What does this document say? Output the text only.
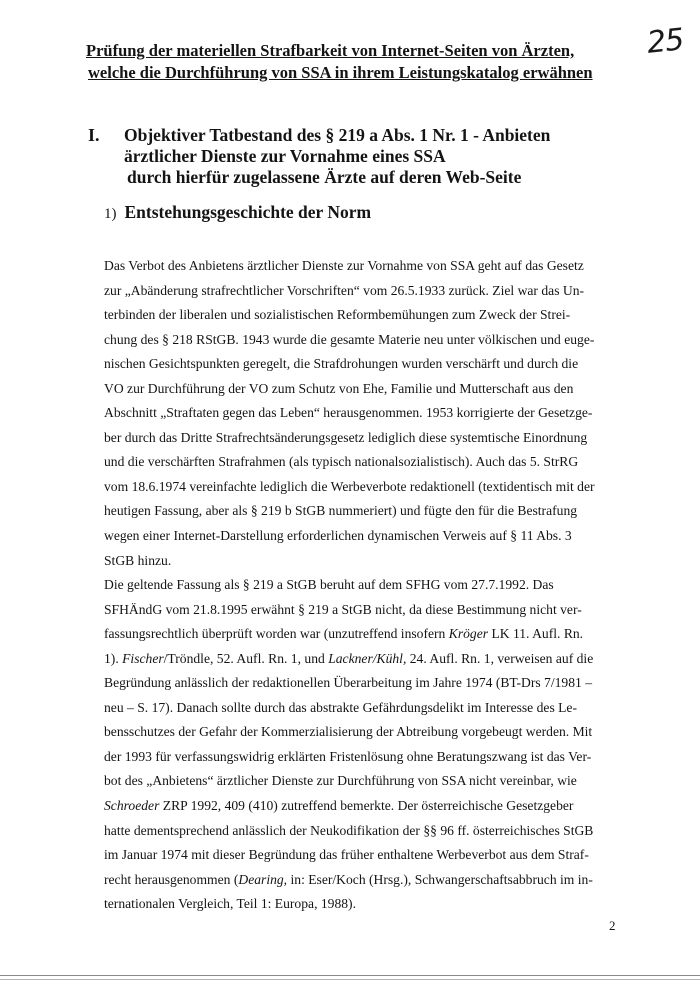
25
Prüfung der materiellen Strafbarkeit von Internet-Seiten von Ärzten,
welche die Durchführung von SSA in ihrem Leistungskatalog erwähnen
I. Objektiver Tatbestand des § 219 a Abs. 1 Nr. 1 - Anbieten
ärztlicher Dienste zur Vornahme eines SSA
durch hierfür zugelassene Ärzte auf deren Web-Seite
1) Entstehungsgeschichte der Norm
Das Verbot des Anbietens ärztlicher Dienste zur Vornahme von SSA geht auf das Gesetz
zur „Abänderung strafrechtlicher Vorschriften“ vom 26.5.1933 zurück. Ziel war das Un-
terbinden der liberalen und sozialistischen Reformbemühungen zum Zweck der Strei-
chung des § 218 RStGB. 1943 wurde die gesamte Materie neu unter völkischen und euge-
nischen Gesichtspunkten geregelt, die Strafdrohungen wurden verschärft und durch die
VO zur Durchführung der VO zum Schutz von Ehe, Familie und Mutterschaft aus den
Abschnitt „Straftaten gegen das Leben“ herausgenommen. 1953 korrigierte der Gesetzge-
ber durch das Dritte Strafrechtsänderungsgesetz lediglich diese systemtische Einordnung
und die verschärften Strafrahmen (als typisch nationalsozialistisch). Auch das 5. StrRG
vom 18.6.1974 vereinfachte lediglich die Werbeverbote redaktionell (textidentisch mit der
heutigen Fassung, aber als § 219 b StGB nummeriert) und fügte den für die Bestrafung
wegen einer Internet-Darstellung erforderlichen dynamischen Verweis auf § 11 Abs. 3
StGB hinzu.
Die geltende Fassung als § 219 a StGB beruht auf dem SFHG vom 27.7.1992. Das
SFHÄndG vom 21.8.1995 erwähnt § 219 a StGB nicht, da diese Bestimmung nicht ver-
fassungsrechtlich überprüft worden war (unzutreffend insofern Kröger LK 11. Aufl. Rn.
1). Fischer/Tröndle, 52. Aufl. Rn. 1, und Lackner/Kühl, 24. Aufl. Rn. 1, verweisen auf die
Begründung anlässlich der redaktionellen Überarbeitung im Jahre 1974 (BT-Drs 7/1981 –
neu – S. 17). Danach sollte durch das abstrakte Gefährdungsdelikt im Interesse des Le-
bensschutzes der Gefahr der Kommerzialisierung der Abtreibung vorgebeugt werden. Mit
der 1993 für verfassungswidrig erklärten Fristenlösung ohne Beratungszwang ist das Ver-
bot des „Anbietens“ ärztlicher Dienste zur Durchführung von SSA nicht vereinbar, wie
Schroeder ZRP 1992, 409 (410) zutreffend bemerkte. Der österreichische Gesetzgeber
hatte dementsprechend anlässlich der Neukodifikation der §§ 96 ff. österreichisches StGB
im Januar 1974 mit dieser Begründung das früher enthaltene Werbeverbot aus dem Straf-
recht herausgenommen (Dearing, in: Eser/Koch (Hrsg.), Schwangerschaftsabbruch im in-
ternationalen Vergleich, Teil 1: Europa, 1988).
2
